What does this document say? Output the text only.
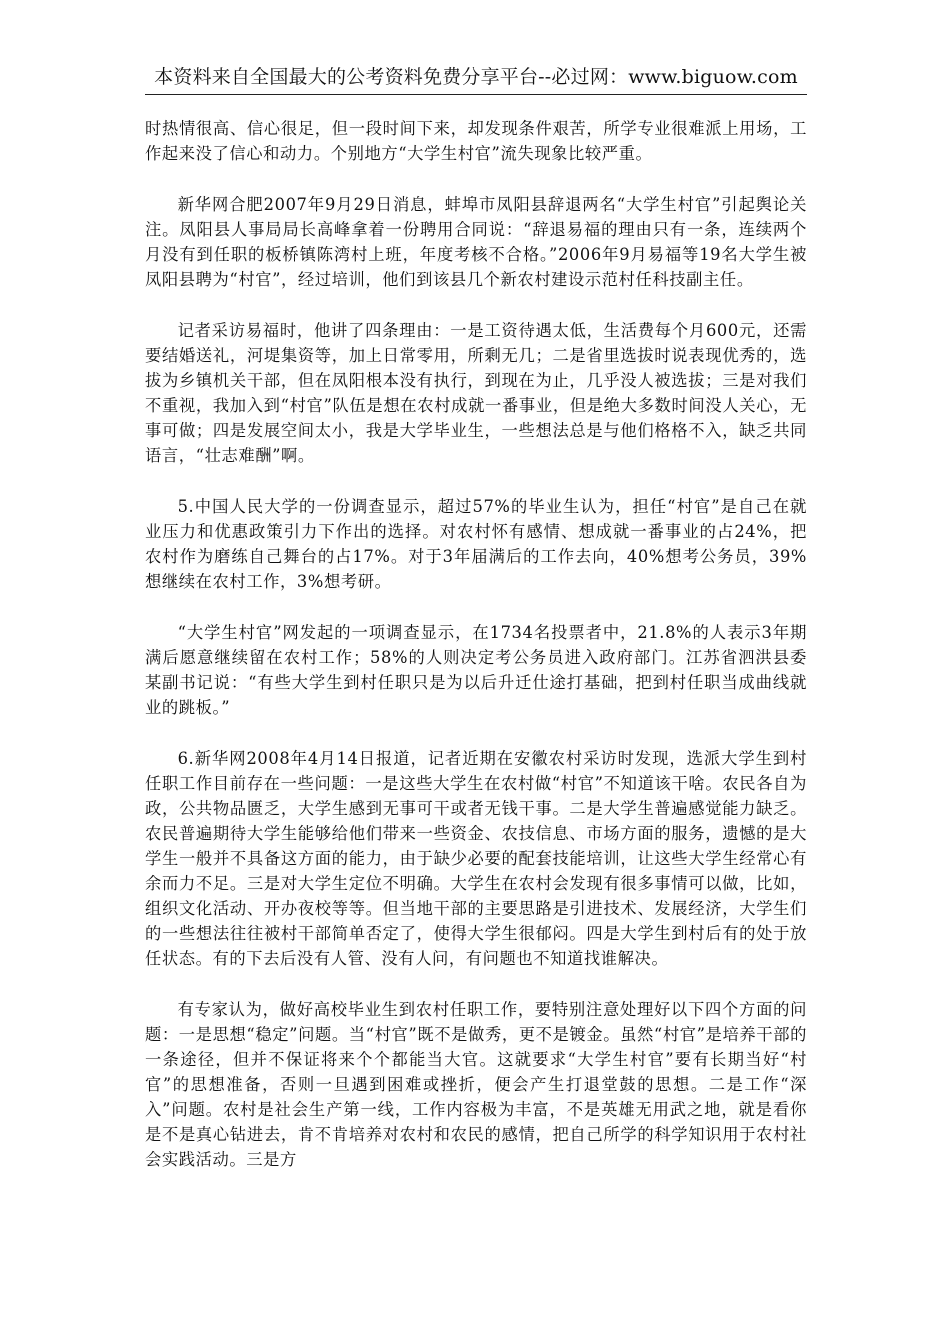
本资料来自全国最大的公考资料免费分享平台--必过网：www.biguow.com

时热情很高、信心很足，但一段时间下来，却发现条件艰苦，所学专业很难派上用场，工作起来没了信心和动力。个别地方“大学生村官”流失现象比较严重。

新华网合肥2007年9月29日消息，蚌埠市凤阳县辞退两名“大学生村官”引起舆论关注。凤阳县人事局局长高峰拿着一份聘用合同说：“辞退易福的理由只有一条，连续两个月没有到任职的板桥镇陈湾村上班，年度考核不合格。”2006年9月易福等19名大学生被凤阳县聘为“村官”，经过培训，他们到该县几个新农村建设示范村任科技副主任。

记者采访易福时，他讲了四条理由：一是工资待遇太低，生活费每个月600元，还需要结婚送礼，河堤集资等，加上日常零用，所剩无几；二是省里选拔时说表现优秀的，选拔为乡镇机关干部，但在凤阳根本没有执行，到现在为止，几乎没人被选拔；三是对我们不重视，我加入到“村官”队伍是想在农村成就一番事业，但是绝大多数时间没人关心，无事可做；四是发展空间太小，我是大学毕业生，一些想法总是与他们格格不入，缺乏共同语言，“壮志难酬”啊。

5.中国人民大学的一份调查显示，超过57%的毕业生认为，担任“村官”是自己在就业压力和优惠政策引力下作出的选择。对农村怀有感情、想成就一番事业的占24%，把农村作为磨练自己舞台的占17%。对于3年届满后的工作去向，40%想考公务员，39%想继续在农村工作，3%想考研。

“大学生村官”网发起的一项调查显示，在1734名投票者中，21.8%的人表示3年期满后愿意继续留在农村工作；58%的人则决定考公务员进入政府部门。江苏省泗洪县委某副书记说：“有些大学生到村任职只是为以后升迁仕途打基础，把到村任职当成曲线就业的跳板。”

6.新华网2008年4月14日报道，记者近期在安徽农村采访时发现，选派大学生到村任职工作目前存在一些问题：一是这些大学生在农村做“村官”不知道该干啥。农民各自为政，公共物品匮乏，大学生感到无事可干或者无钱干事。二是大学生普遍感觉能力缺乏。农民普遍期待大学生能够给他们带来一些资金、农技信息、市场方面的服务，遗憾的是大学生一般并不具备这方面的能力，由于缺少必要的配套技能培训，让这些大学生经常心有余而力不足。三是对大学生定位不明确。大学生在农村会发现有很多事情可以做，比如，组织文化活动、开办夜校等等。但当地干部的主要思路是引进技术、发展经济，大学生们的一些想法往往被村干部简单否定了，使得大学生很郁闷。四是大学生到村后有的处于放任状态。有的下去后没有人管、没有人问，有问题也不知道找谁解决。

有专家认为，做好高校毕业生到农村任职工作，要特别注意处理好以下四个方面的问题：一是思想“稳定”问题。当“村官”既不是做秀，更不是镀金。虽然“村官”是培养干部的一条途径，但并不保证将来个个都能当大官。这就要求“大学生村官”要有长期当好“村官”的思想准备，否则一旦遇到困难或挫折，便会产生打退堂鼓的思想。二是工作“深入”问题。农村是社会生产第一线，工作内容极为丰富，不是英雄无用武之地，就是看你是不是真心钻进去，肯不肯培养对农村和农民的感情，把自己所学的科学知识用于农村社会实践活动。三是方
